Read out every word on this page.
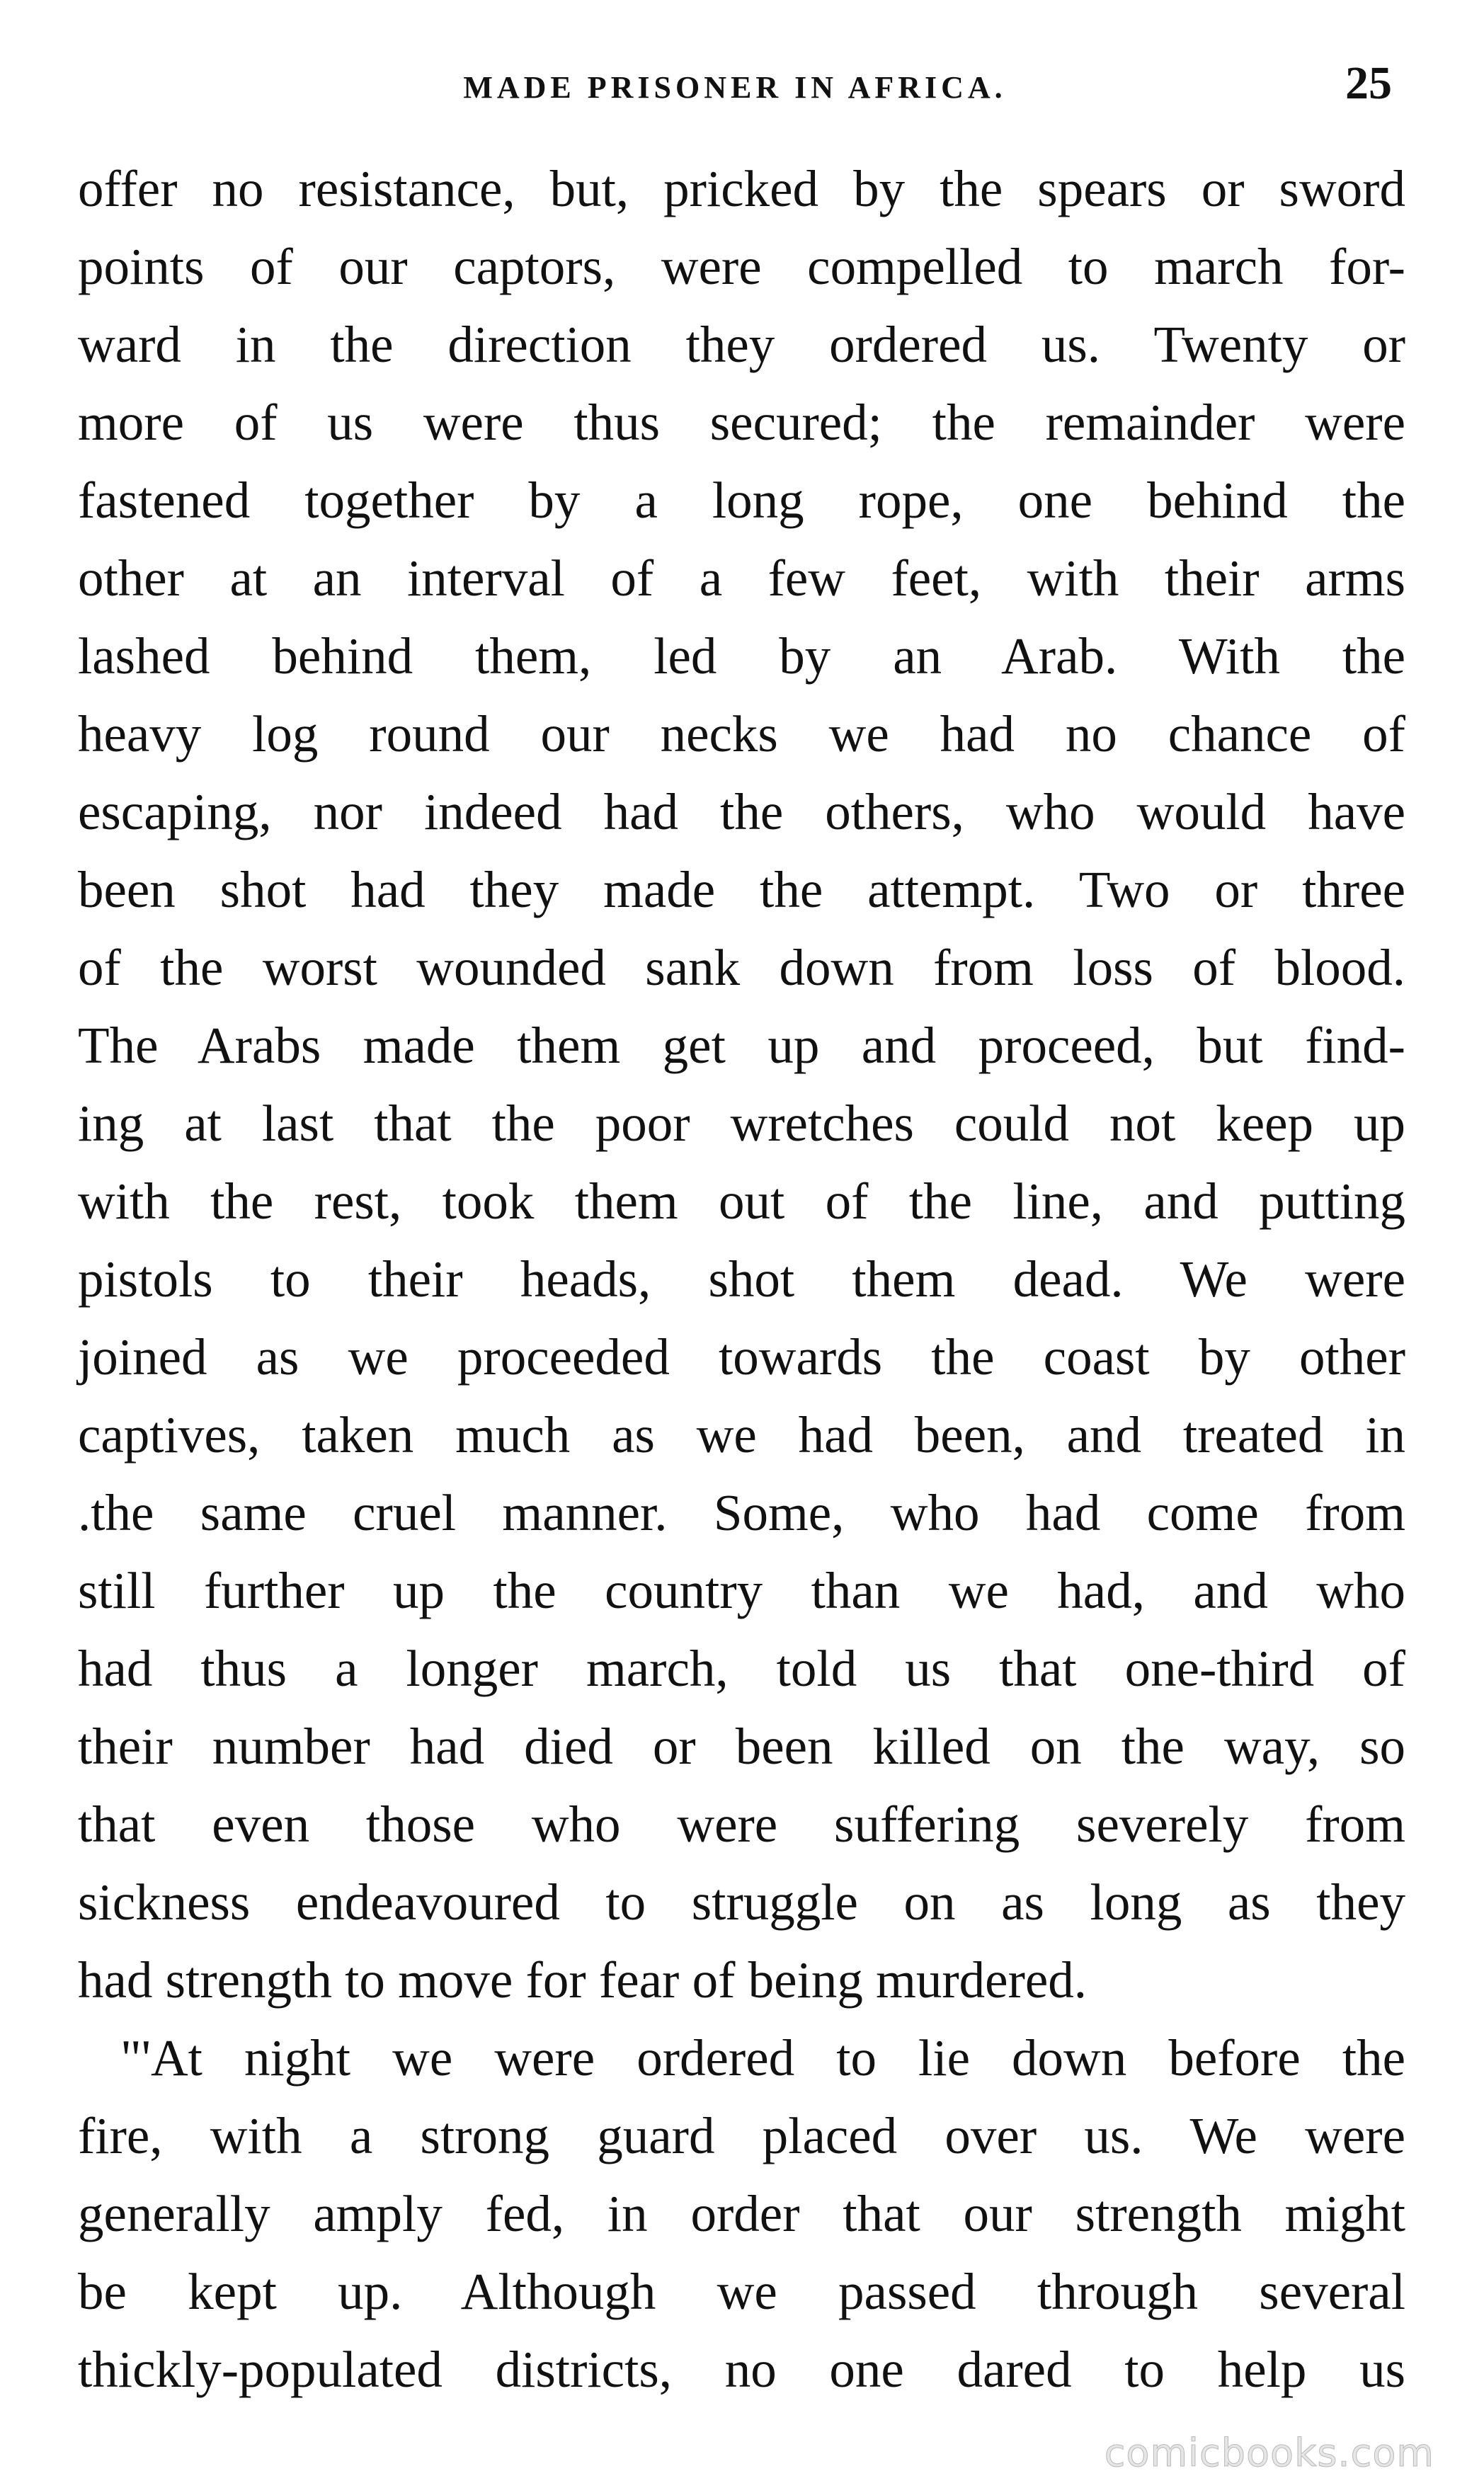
MADE PRISONER IN AFRICA.	25
offer no resistance, but, pricked by the spears or sword
points of our captors, were compelled to march for-
ward in the direction they ordered us. Twenty or
more of us were thus secured; the remainder were
fastened together by a long rope, one behind the
other at an interval of a few feet, with their arms
lashed behind them, led by an Arab. With the
heavy log round our necks we had no chance of
escaping, nor indeed had the others, who would have
been shot had they made the attempt. Two or three
of the worst wounded sank down from loss of blood.
The Arabs made them get up and proceed, but find-
ing at last that the poor wretches could not keep up
with the rest, took them out of the line, and putting
pistols to their heads, shot them dead. We were
joined as we proceeded towards the coast by other
captives, taken much as we had been, and treated in
.the same cruel manner. Some, who had come from
still further up the country than we had, and who
had thus a longer march, told us that one-third of
their number had died or been killed on the way, so
that even those who were suffering severely from
sickness endeavoured to struggle on as long as they
had strength to move for fear of being murdered.
"'At night we were ordered to lie down before the
fire, with a strong guard placed over us. We were
generally amply fed, in order that our strength might
be kept up. Although we passed through several
thickly-populated districts, no one dared to help us
comicbooks.com
